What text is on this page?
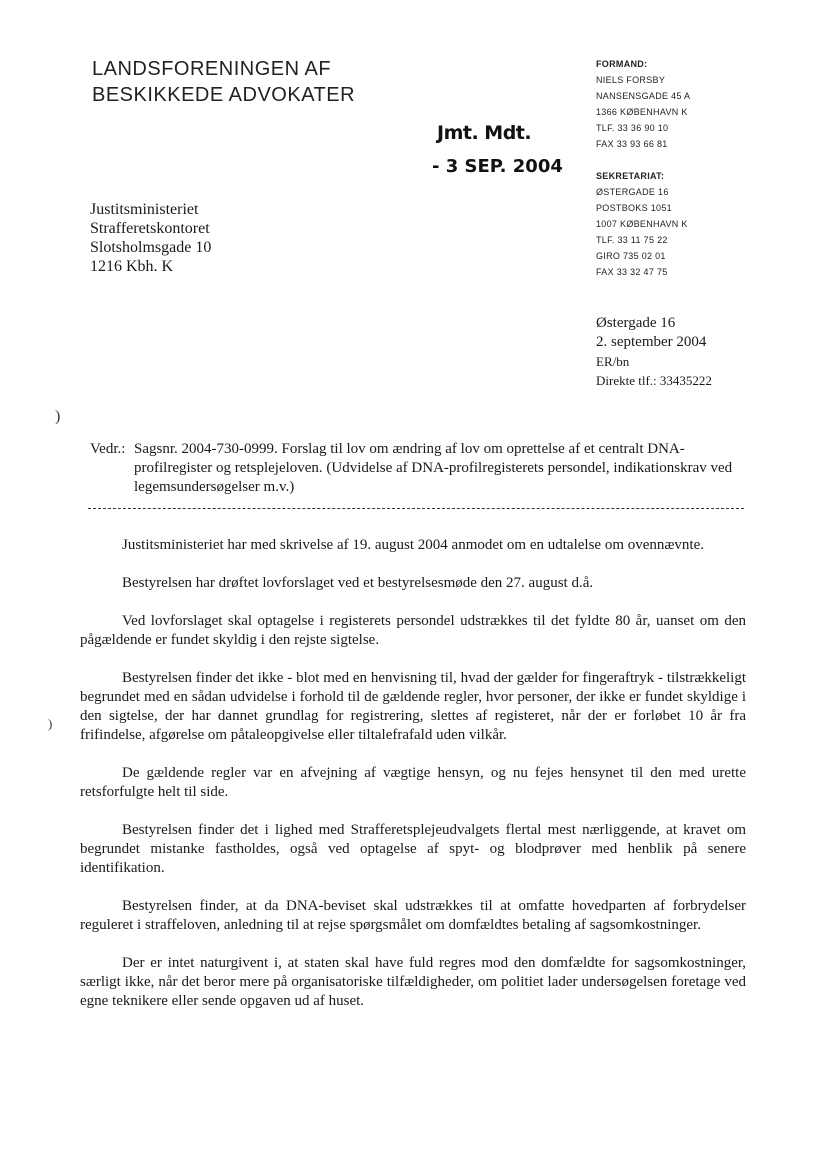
LANDSFORENINGEN AF
BESKIKKEDE ADVOKATER
Jmt. Mdt.
- 3 SEP. 2004
FORMAND:
NIELS FORSBY
NANSENSGADE 45 A
1366 KØBENHAVN K
TLF. 33 36 90 10
FAX 33 93 66 81
SEKRETARIAT:
ØSTERGADE 16
POSTBOKS 1051
1007 KØBENHAVN K
TLF. 33 11 75 22
GIRO 735 02 01
FAX 33 32 47 75
Justitsministeriet
Strafferetskontoret
Slotsholmsgade 10
1216 Kbh. K
Østergade 16
2. september 2004
ER/bn
Direkte tlf.: 33435222
)
)
Vedr.: Sagsnr. 2004-730-0999. Forslag til lov om ændring af lov om oprettelse af et centralt DNA-profilregister og retsplejeloven. (Udvidelse af DNA-profilregisterets persondel, indikationskrav ved legemsundersøgelser m.v.)

Justitsministeriet har med skrivelse af 19. august 2004 anmodet om en udtalelse om ovennævnte.

Bestyrelsen har drøftet lovforslaget ved et bestyrelsesmøde den 27. august d.å.

Ved lovforslaget skal optagelse i registerets persondel udstrækkes til det fyldte 80 år, uanset om den pågældende er fundet skyldig i den rejste sigtelse.

Bestyrelsen finder det ikke - blot med en henvisning til, hvad der gælder for fingeraftryk - tilstrækkeligt begrundet med en sådan udvidelse i forhold til de gældende regler, hvor personer, der ikke er fundet skyldige i den sigtelse, der har dannet grundlag for registrering, slettes af registeret, når der er forløbet 10 år fra frifindelse, afgørelse om påtaleopgivelse eller tiltalefrafald uden vilkår.

De gældende regler var en afvejning af vægtige hensyn, og nu fejes hensynet til den med urette retsforfulgte helt til side.

Bestyrelsen finder det i lighed med Strafferetsplejeudvalgets flertal mest nærliggende, at kravet om begrundet mistanke fastholdes, også ved optagelse af spyt- og blodprøver med henblik på senere identifikation.

Bestyrelsen finder, at da DNA-beviset skal udstrækkes til at omfatte hovedparten af forbrydelser reguleret i straffeloven, anledning til at rejse spørgsmålet om domfældtes betaling af sagsomkostninger.

Der er intet naturgivent i, at staten skal have fuld regres mod den domfældte for sagsomkostninger, særligt ikke, når det beror mere på organisatoriske tilfældigheder, om politiet lader undersøgelsen foretage ved egne teknikere eller sende opgaven ud af huset.
